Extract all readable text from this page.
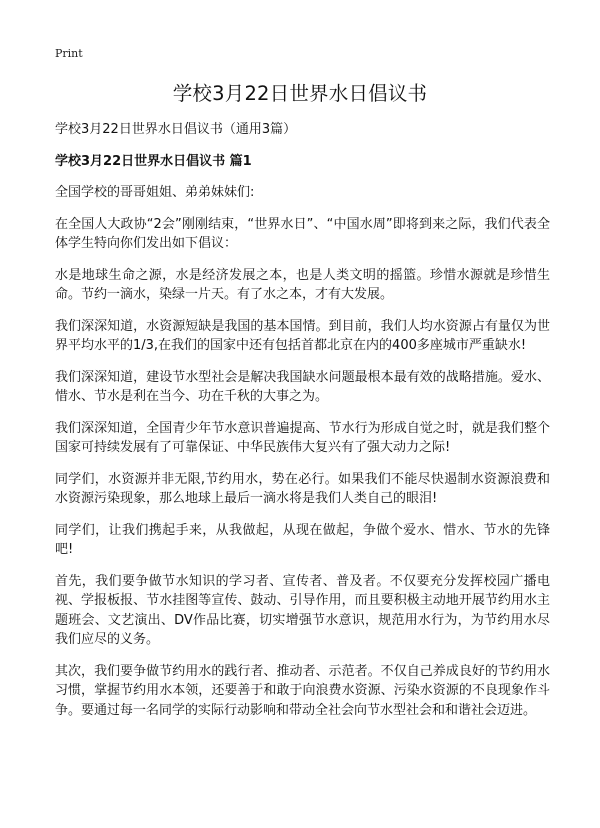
Print
学校3月22日世界水日倡议书

学校3月22日世界水日倡议书（通用3篇）

学校3月22日世界水日倡议书 篇1

全国学校的哥哥姐姐、弟弟妹妹们:

在全国人大政协“2会”刚刚结束，“世界水日”、“中国水周”即将到来之际，我们代表全体学生特向你们发出如下倡议：

水是地球生命之源，水是经济发展之本，也是人类文明的摇篮。珍惜水源就是珍惜生命。节约一滴水，染绿一片天。有了水之本，才有大发展。

我们深深知道，水资源短缺是我国的基本国情。到目前，我们人均水资源占有量仅为世界平均水平的1/3,在我们的国家中还有包括首都北京在内的400多座城市严重缺水!

我们深深知道，建设节水型社会是解决我国缺水问题最根本最有效的战略措施。爱水、惜水、节水是利在当今、功在千秋的大事之为。

我们深深知道，全国青少年节水意识普遍提高、节水行为形成自觉之时，就是我们整个国家可持续发展有了可靠保证、中华民族伟大复兴有了强大动力之际!

同学们，水资源并非无限,节约用水，势在必行。如果我们不能尽快遏制水资源浪费和水资源污染现象，那么地球上最后一滴水将是我们人类自己的眼泪!

同学们，让我们携起手来，从我做起，从现在做起，争做个爱水、惜水、节水的先锋吧!

首先，我们要争做节水知识的学习者、宣传者、普及者。不仅要充分发挥校园广播电视、学报板报、节水挂图等宣传、鼓动、引导作用，而且要积极主动地开展节约用水主题班会、文艺演出、DV作品比赛，切实增强节水意识，规范用水行为，为节约用水尽我们应尽的义务。

其次，我们要争做节约用水的践行者、推动者、示范者。不仅自己养成良好的节约用水习惯，掌握节约用水本领，还要善于和敢于向浪费水资源、污染水资源的不良现象作斗争。要通过每一名同学的实际行动影响和带动全社会向节水型社会和和谐社会迈进。
